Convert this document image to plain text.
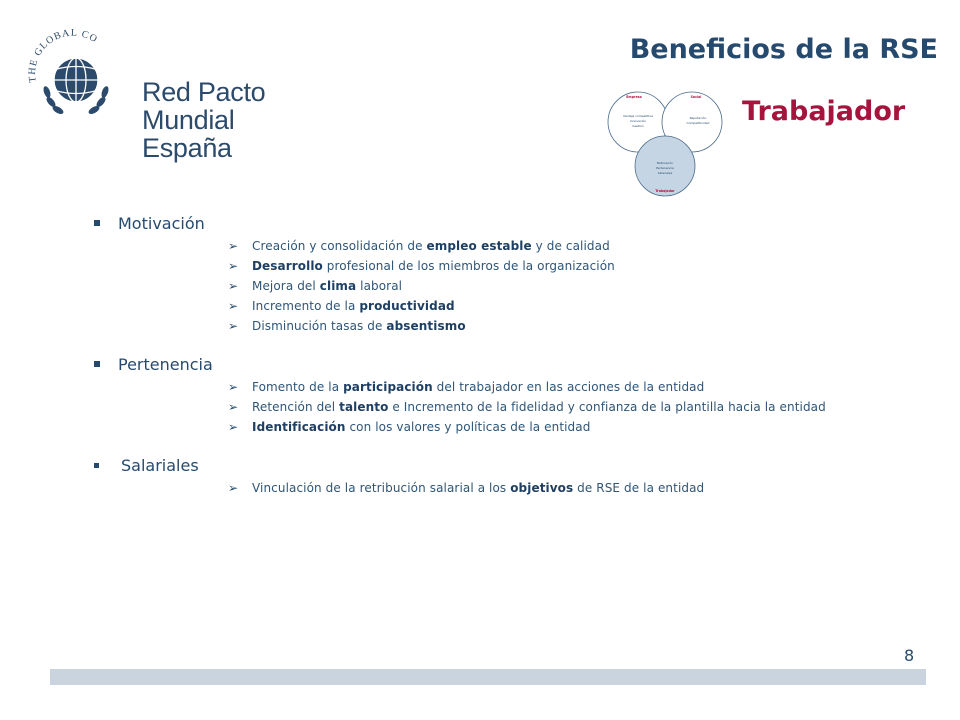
THE GLOBAL CO
Red Pacto Mundial
España
Beneficios de la RSE
Empresa
Ventaja competitiva
Innovación
Gestión
Social
Reputación
Competitividad
Motivación
Pertenencia
Salariales
Trabajador
Trabajador
Motivación
➢ Creación y consolidación de empleo estable y de calidad
➢ Desarrollo profesional de los miembros de la organización
➢ Mejora del clima laboral
➢ Incremento de la productividad
➢ Disminución tasas de absentismo
Pertenencia
➢ Fomento de la participación del trabajador en las acciones de la entidad
➢ Retención del talento e Incremento de la fidelidad y confianza de la plantilla hacia la entidad
➢ Identificación con los valores y políticas de la entidad
Salariales
➢ Vinculación de la retribución salarial a los objetivos de RSE de la entidad
8
